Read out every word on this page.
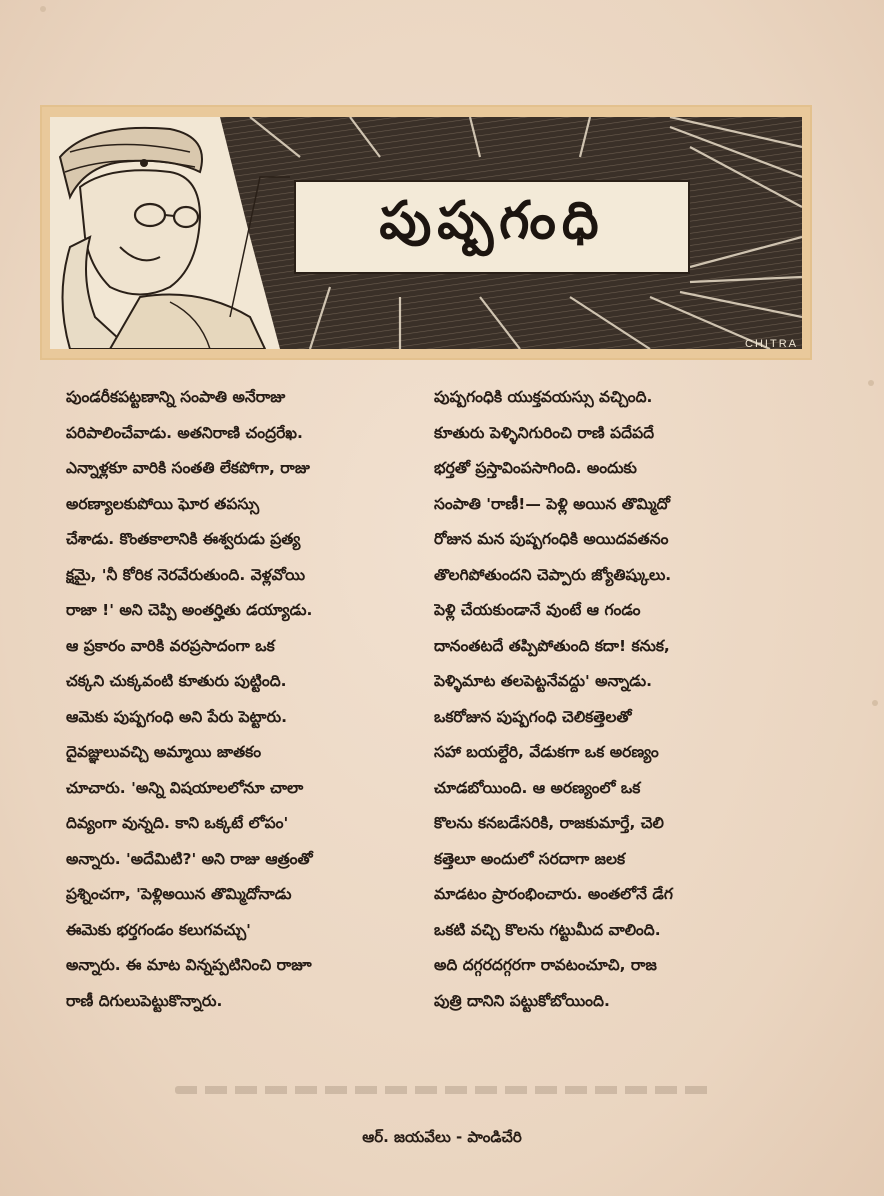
పుష్పగంధి
CHITRA
పుండరీకపట్టణాన్ని సంపాతి అనేరాజు
పరిపాలించేవాడు. అతనిరాణి చంద్రరేఖ.
ఎన్నాళ్లకూ వారికి సంతతి లేకపోగా, రాజు
అరణ్యాలకుపోయి ఘోర తపస్సు
చేశాడు. కొంతకాలానికి ఈశ్వరుడు ప్రత్య
క్షమై, 'నీ కోరిక నెరవేరుతుంది. వెళ్లవోయి
రాజా !' అని చెప్పి అంతర్హితు డయ్యాడు.
ఆ ప్రకారం వారికి వరప్రసాదంగా ఒక
చక్కని చుక్కవంటి కూతురు పుట్టింది.
ఆమెకు పుష్పగంధి అని పేరు పెట్టారు.
దైవజ్ఞులువచ్చి అమ్మాయి జాతకం
చూచారు. 'అన్ని విషయాలలోనూ చాలా
దివ్యంగా వున్నది. కాని ఒక్కటే లోపం'
అన్నారు. 'అదేమిటి?' అని రాజు ఆత్రంతో
ప్రశ్నించగా, 'పెళ్లిఅయిన తొమ్మిదోనాడు
ఈమెకు భర్తగండం కలుగవచ్చు'
అన్నారు. ఈ మాట విన్నప్పటినించి రాజూ
రాణీ దిగులుపెట్టుకొన్నారు.
పుష్పగంధికి యుక్తవయస్సు వచ్చింది.
కూతురు పెళ్ళినిగురించి రాణి పదేపదే
భర్తతో ప్రస్తావింపసాగింది. అందుకు
సంపాతి 'రాణీ!— పెళ్లి అయిన తొమ్మిదో
రోజున మన పుష్పగంధికి అయిదవతనం
తొలగిపోతుందని చెప్పారు జ్యోతిష్కులు.
పెళ్లి చేయకుండానే వుంటే ఆ గండం
దానంతటదే తప్పిపోతుంది కదా! కనుక,
పెళ్ళిమాట తలపెట్టనేవద్దు' అన్నాడు.
ఒకరోజున పుష్పగంధి చెలికత్తెలతో
సహా బయల్దేరి, వేడుకగా ఒక అరణ్యం
చూడబోయింది. ఆ అరణ్యంలో ఒక
కొలను కనబడేసరికి, రాజకుమార్తే, చెలి
కత్తెలూ అందులో సరదాగా జలక
మాడటం ప్రారంభించారు. అంతలోనే డేగ
ఒకటి వచ్చి కొలను గట్టుమీద వాలింది.
అది దగ్గరదగ్గరగా రావటంచూచి, రాజ
పుత్రి దానిని పట్టుకోబోయింది.
ఆర్. జయవేలు - పాండిచేరి
